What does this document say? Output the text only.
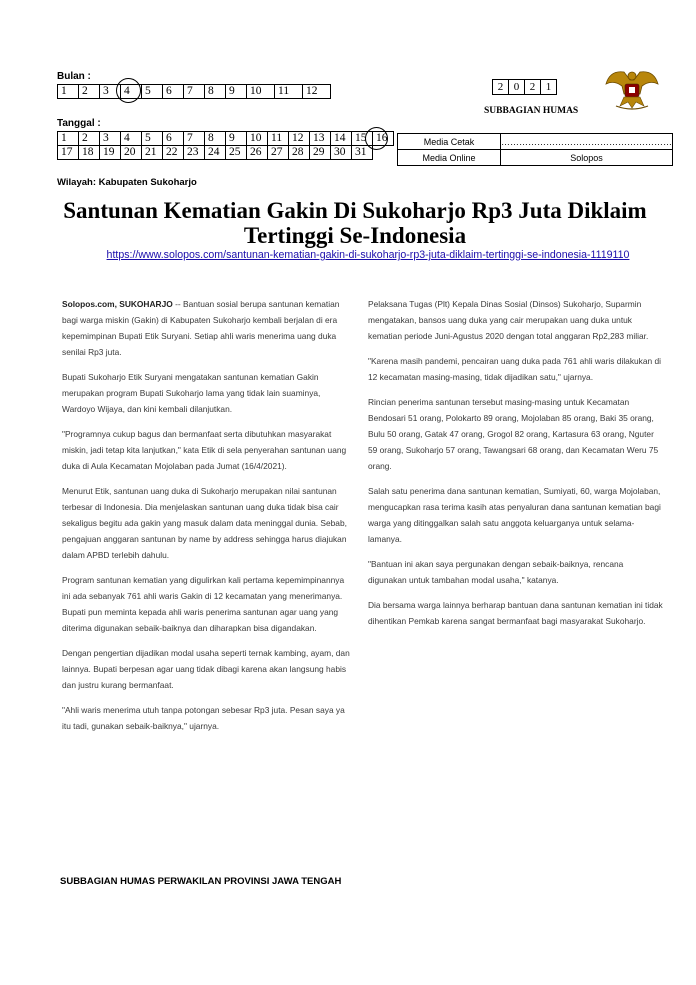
Bulan :
1	2	3	4	5	6	7	8	9	10	11	12
Tanggal :
1	2	3	4	5	6	7	8	9	10	11	12	13	14	15	16
17	18	19	20	21	22	23	24	25	26	27	28	29	30	31	
Media Cetak	…………………………………………………
Media Online	Solopos
2 0 2 1
SUBBAGIAN HUMAS
Wilayah: Kabupaten Sukoharjo
Santunan Kematian Gakin Di Sukoharjo Rp3 Juta Diklaim
Tertinggi Se-Indonesia
https://www.solopos.com/santunan-kematian-gakin-di-sukoharjo-rp3-juta-diklaim-tertinggi-se-indonesia-1119110

Solopos.com, SUKOHARJO -- Bantuan sosial berupa santunan kematian bagi warga miskin (Gakin) di Kabupaten Sukoharjo kembali berjalan di era kepemimpinan Bupati Etik Suryani. Setiap ahli waris menerima uang duka senilai Rp3 juta.

Bupati Sukoharjo Etik Suryani mengatakan santunan kematian Gakin merupakan program Bupati Sukoharjo lama yang tidak lain suaminya, Wardoyo Wijaya, dan kini kembali dilanjutkan.

"Programnya cukup bagus dan bermanfaat serta dibutuhkan masyarakat miskin, jadi tetap kita lanjutkan," kata Etik di sela penyerahan santunan uang duka di Aula Kecamatan Mojolaban pada Jumat (16/4/2021).

Menurut Etik, santunan uang duka di Sukoharjo merupakan nilai santunan terbesar di Indonesia. Dia menjelaskan santunan uang duka tidak bisa cair sekaligus begitu ada gakin yang masuk dalam data meninggal dunia. Sebab, pengajuan anggaran santunan by name by address sehingga harus diajukan dalam APBD terlebih dahulu.

Program santunan kematian yang digulirkan kali pertama kepemimpinannya ini ada sebanyak 761 ahli waris Gakin di 12 kecamatan yang menerimanya. Bupati pun meminta kepada ahli waris penerima santunan agar uang yang diterima digunakan sebaik-baiknya dan diharapkan bisa digandakan.

Dengan pengertian dijadikan modal usaha seperti ternak kambing, ayam, dan lainnya. Bupati berpesan agar uang tidak dibagi karena akan langsung habis dan justru kurang bermanfaat.

"Ahli waris menerima utuh tanpa potongan sebesar Rp3 juta. Pesan saya ya itu tadi, gunakan sebaik-baiknya," ujarnya.

Pelaksana Tugas (Plt) Kepala Dinas Sosial (Dinsos) Sukoharjo, Suparmin mengatakan, bansos uang duka yang cair merupakan uang duka untuk kematian periode Juni-Agustus 2020 dengan total anggaran Rp2,283 miliar.

"Karena masih pandemi, pencairan uang duka pada 761 ahli waris dilakukan di 12 kecamatan masing-masing, tidak dijadikan satu," ujarnya.

Rincian penerima santunan tersebut masing-masing untuk Kecamatan Bendosari 51 orang, Polokarto 89 orang, Mojolaban 85 orang, Baki 35 orang, Bulu 50 orang, Gatak 47 orang, Grogol 82 orang, Kartasura 63 orang, Nguter 59 orang, Sukoharjo 57 orang, Tawangsari 68 orang, dan Kecamatan Weru 75 orang.

Salah satu penerima dana santunan kematian, Sumiyati, 60, warga Mojolaban, mengucapkan rasa terima kasih atas penyaluran dana santunan kematian bagi warga yang ditinggalkan salah satu anggota keluarganya untuk selama-lamanya.

"Bantuan ini akan saya pergunakan dengan sebaik-baiknya, rencana digunakan untuk tambahan modal usaha," katanya.

Dia bersama warga lainnya berharap bantuan dana santunan kematian ini tidak dihentikan Pemkab karena sangat bermanfaat bagi masyarakat Sukoharjo.

SUBBAGIAN HUMAS PERWAKILAN PROVINSI JAWA TENGAH
